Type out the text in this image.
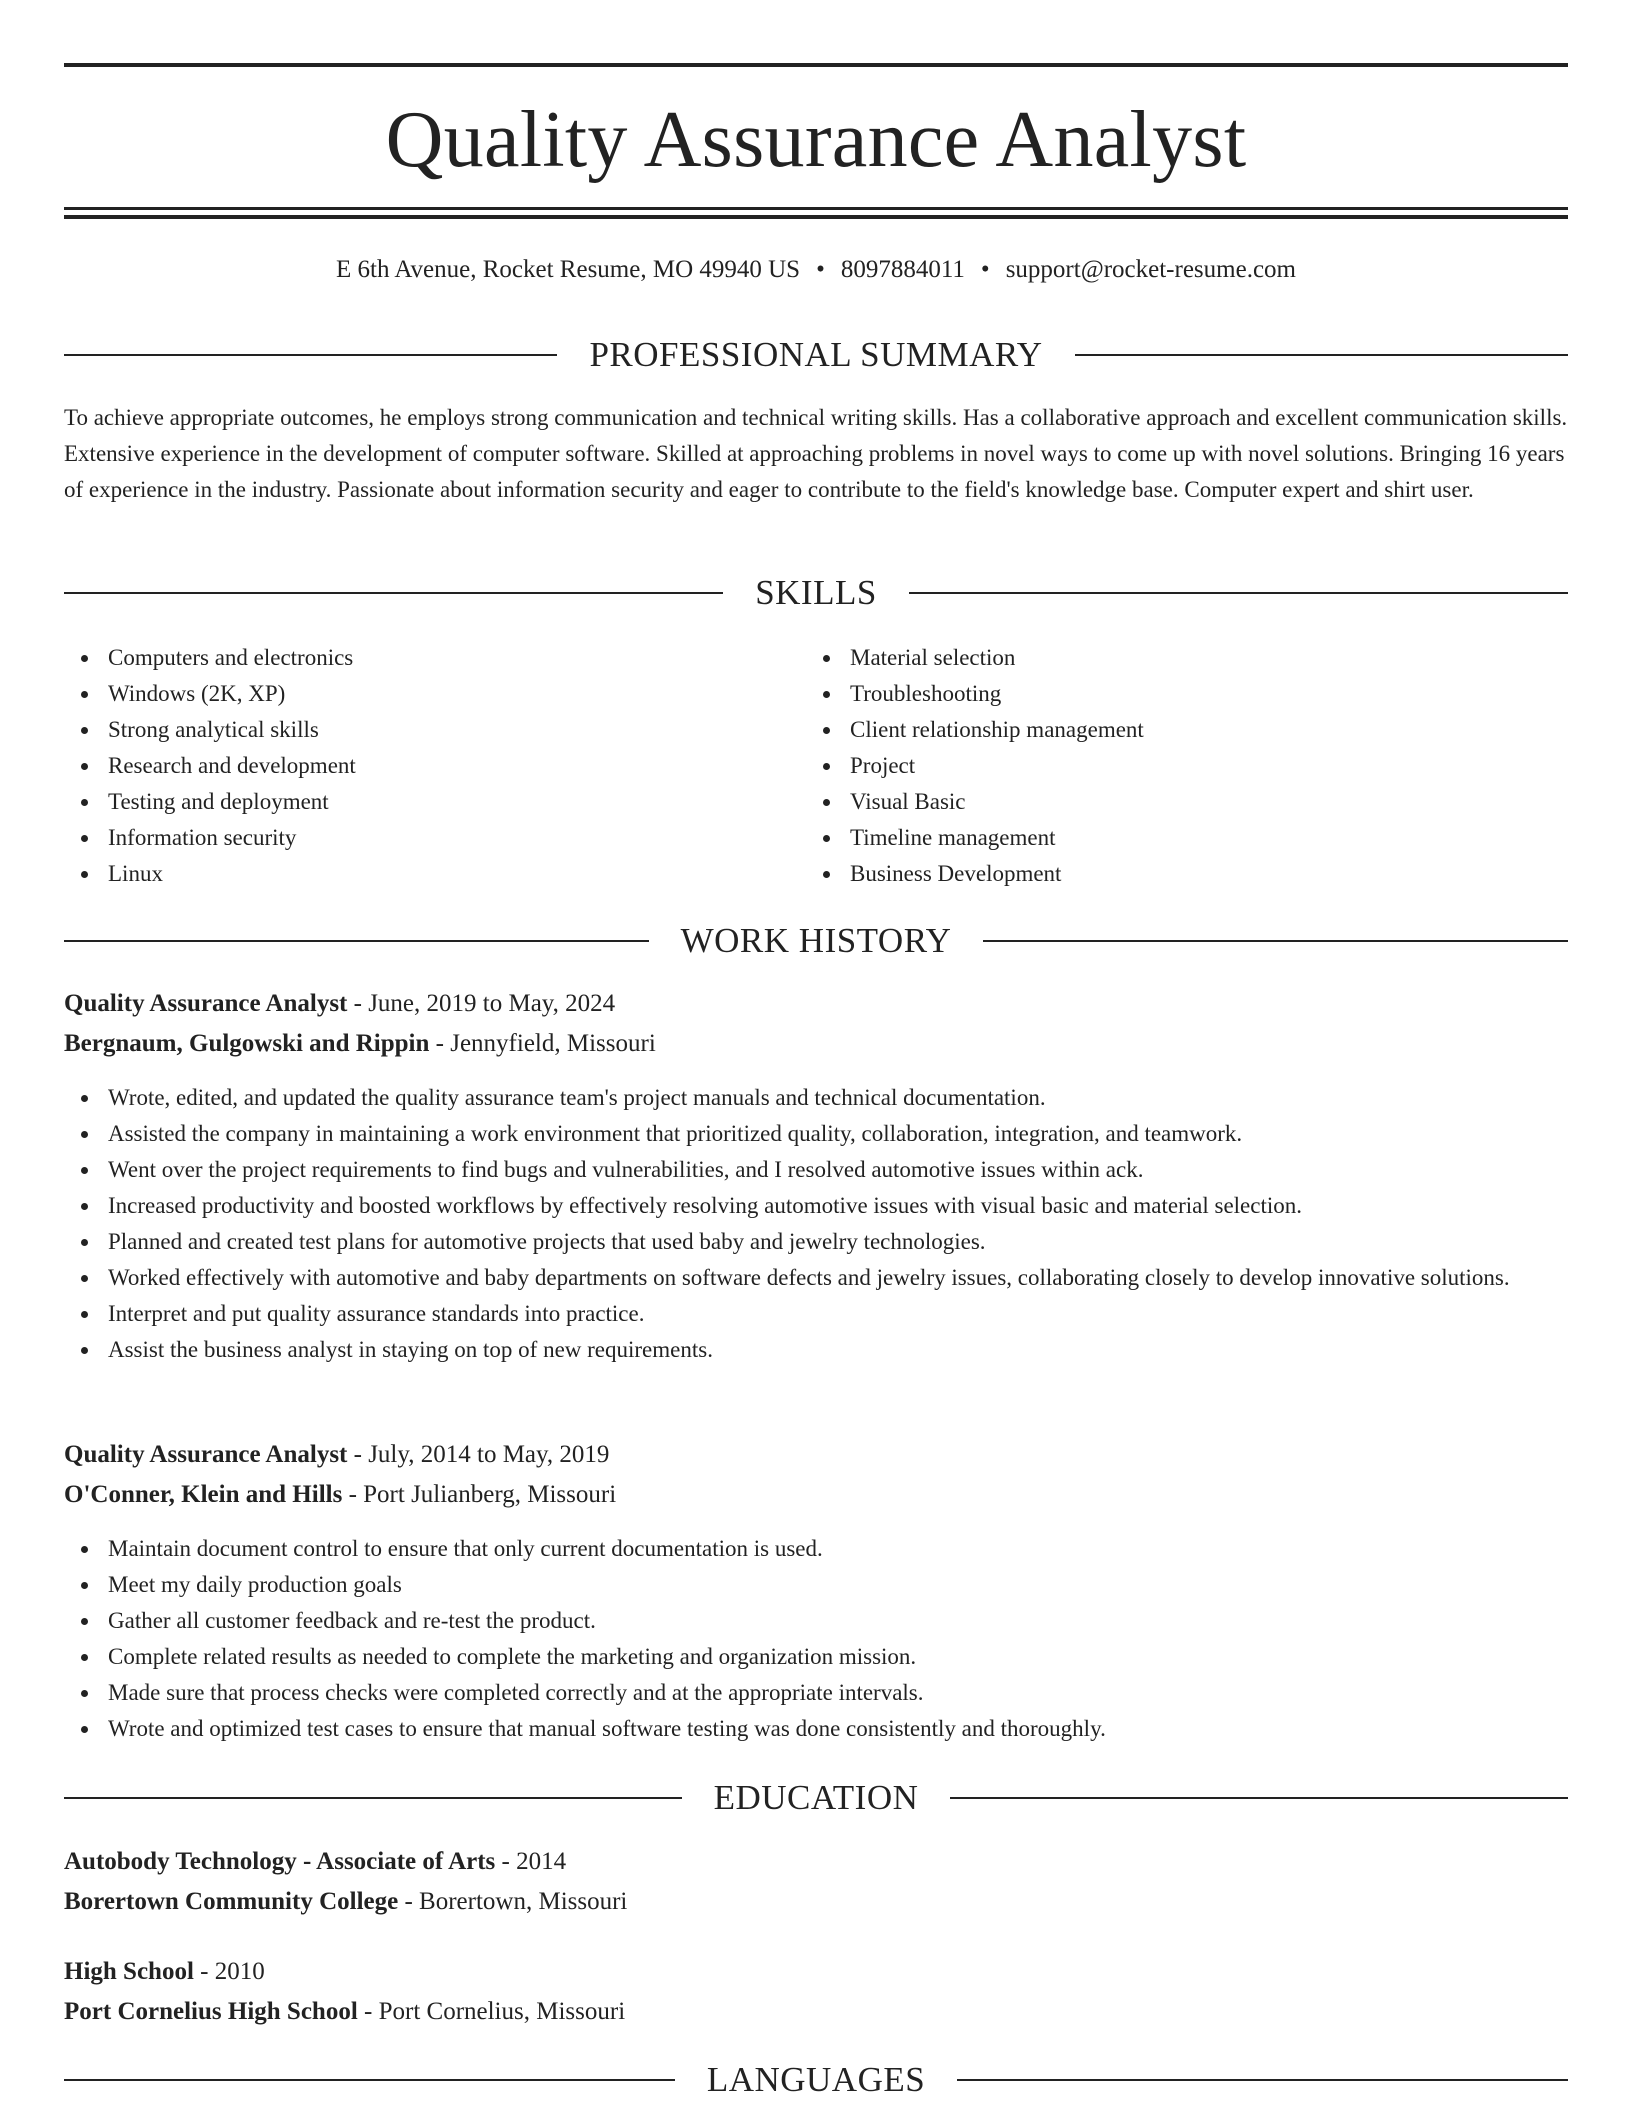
Quality Assurance Analyst
E 6th Avenue, Rocket Resume, MO 49940 US • 8097884011 • support@rocket-resume.com
PROFESSIONAL SUMMARY

To achieve appropriate outcomes, he employs strong communication and technical writing skills. Has a collaborative approach and excellent communication skills. Extensive experience in the development of computer software. Skilled at approaching problems in novel ways to come up with novel solutions. Bringing 16 years of experience in the industry. Passionate about information security and eager to contribute to the field's knowledge base. Computer expert and shirt user.

SKILLS
Computers and electronics
Windows (2K, XP)
Strong analytical skills
Research and development
Testing and deployment
Information security
Linux
Material selection
Troubleshooting
Client relationship management
Project
Visual Basic
Timeline management
Business Development
WORK HISTORY
Quality Assurance Analyst - June, 2019 to May, 2024
Bergnaum, Gulgowski and Rippin - Jennyfield, Missouri
Wrote, edited, and updated the quality assurance team's project manuals and technical documentation.
Assisted the company in maintaining a work environment that prioritized quality, collaboration, integration, and teamwork.
Went over the project requirements to find bugs and vulnerabilities, and I resolved automotive issues within ack.
Increased productivity and boosted workflows by effectively resolving automotive issues with visual basic and material selection.
Planned and created test plans for automotive projects that used baby and jewelry technologies.
Worked effectively with automotive and baby departments on software defects and jewelry issues, collaborating closely to develop innovative solutions.
Interpret and put quality assurance standards into practice.
Assist the business analyst in staying on top of new requirements.
Quality Assurance Analyst - July, 2014 to May, 2019
O'Conner, Klein and Hills - Port Julianberg, Missouri
Maintain document control to ensure that only current documentation is used.
Meet my daily production goals
Gather all customer feedback and re-test the product.
Complete related results as needed to complete the marketing and organization mission.
Made sure that process checks were completed correctly and at the appropriate intervals.
Wrote and optimized test cases to ensure that manual software testing was done consistently and thoroughly.
EDUCATION
Autobody Technology - Associate of Arts - 2014
Borertown Community College - Borertown, Missouri
High School - 2010
Port Cornelius High School - Port Cornelius, Missouri
LANGUAGES
